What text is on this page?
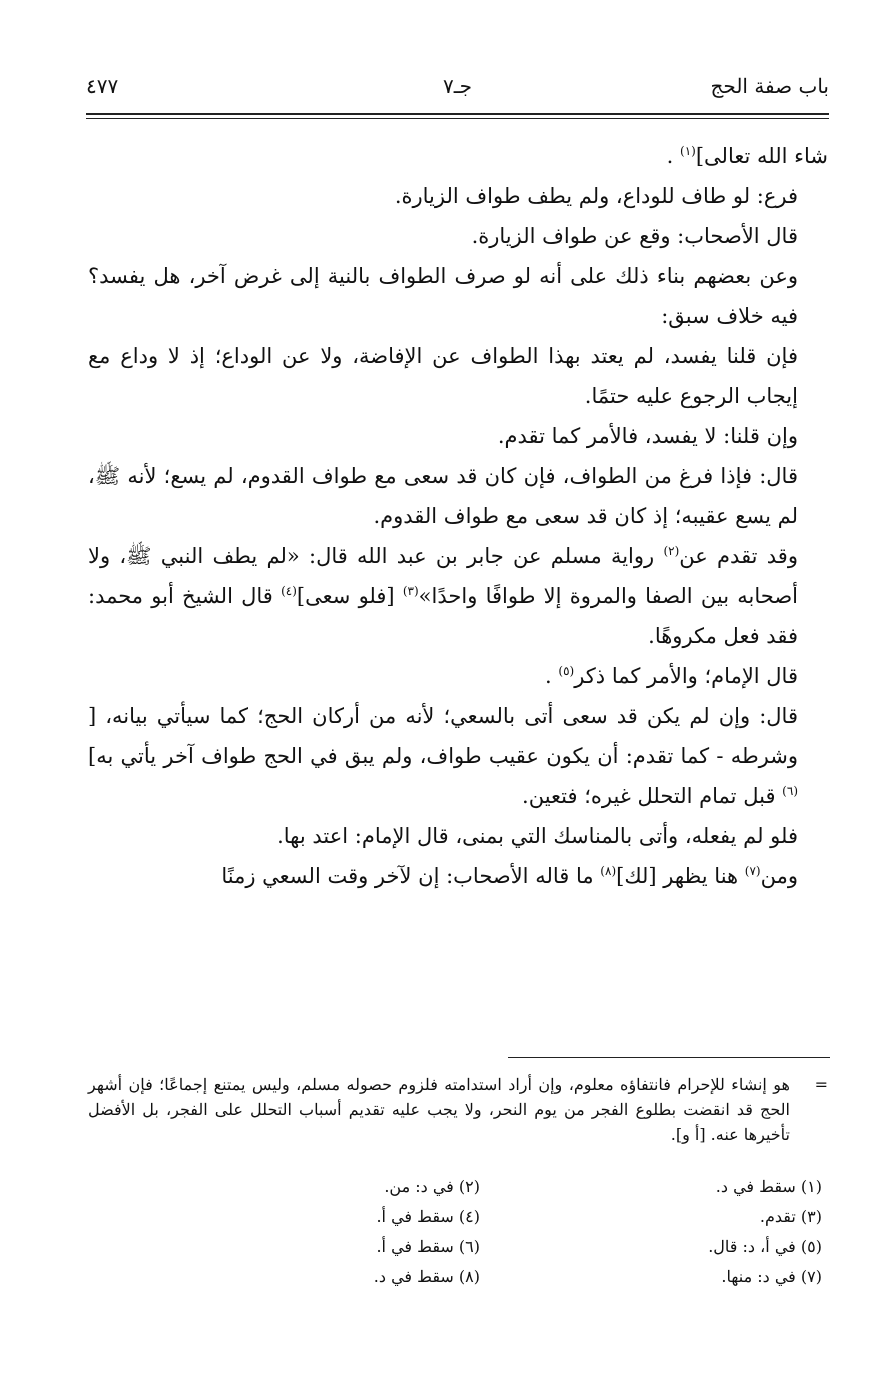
باب صفة الحج
جـ٧
٤٧٧

شاء الله تعالى]$^{(١)}$ .

فرع: لو طاف للوداع، ولم يطف طواف الزيارة.

قال الأصحاب: وقع عن طواف الزيارة.

وعن بعضهم بناء ذلك على أنه لو صرف الطواف بالنية إلى غرض آخر، هل يفسد؟ فيه خلاف سبق:

فإن قلنا يفسد، لم يعتد بهذا الطواف عن الإفاضة، ولا عن الوداع؛ إذ لا وداع مع إيجاب الرجوع عليه حتمًا.

وإن قلنا: لا يفسد، فالأمر كما تقدم.

قال: فإذا فرغ من الطواف، فإن كان قد سعى مع طواف القدوم، لم يسع؛ لأنه ﷺ، لم يسع عقيبه؛ إذ كان قد سعى مع طواف القدوم.

وقد تقدم عن$^{(٢)}$ رواية مسلم عن جابر بن عبد الله قال: «لم يطف النبي ﷺ، ولا أصحابه بين الصفا والمروة إلا طوافًا واحدًا»$^{(٣)}$ [فلو سعى]$^{(٤)}$ قال الشيخ أبو محمد: فقد فعل مكروهًا.

قال الإمام؛ والأمر كما ذكر$^{(٥)}$ .

قال: وإن لم يكن قد سعى أتى بالسعي؛ لأنه من أركان الحج؛ كما سيأتي بيانه، [ وشرطه - كما تقدم: أن يكون عقيب طواف، ولم يبق في الحج طواف آخر يأتي به]$^{(٦)}$ قبل تمام التحلل غيره؛ فتعين.

فلو لم يفعله، وأتى بالمناسك التي بمنى، قال الإمام: اعتد بها.

ومن$^{(٧)}$ هنا يظهر [لك]$^{(٨)}$ ما قاله الأصحاب: إن لآخر وقت السعي زمنًا

=
هو إنشاء للإحرام فانتفاؤه معلوم، وإن أراد استدامته فلزوم حصوله مسلم، وليس يمتنع إجماعًا؛ فإن أشهر الحج قد انقضت بطلوع الفجر من يوم النحر، ولا يجب عليه تقديم أسباب التحلل على الفجر، بل الأفضل تأخيرها عنه. [أ و].
(١) سقط في د.
(٢) في د: من.
(٣) تقدم.
(٤) سقط في أ.
(٥) في أ، د: قال.
(٦) سقط في أ.
(٧) في د: منها.
(٨) سقط في د.
